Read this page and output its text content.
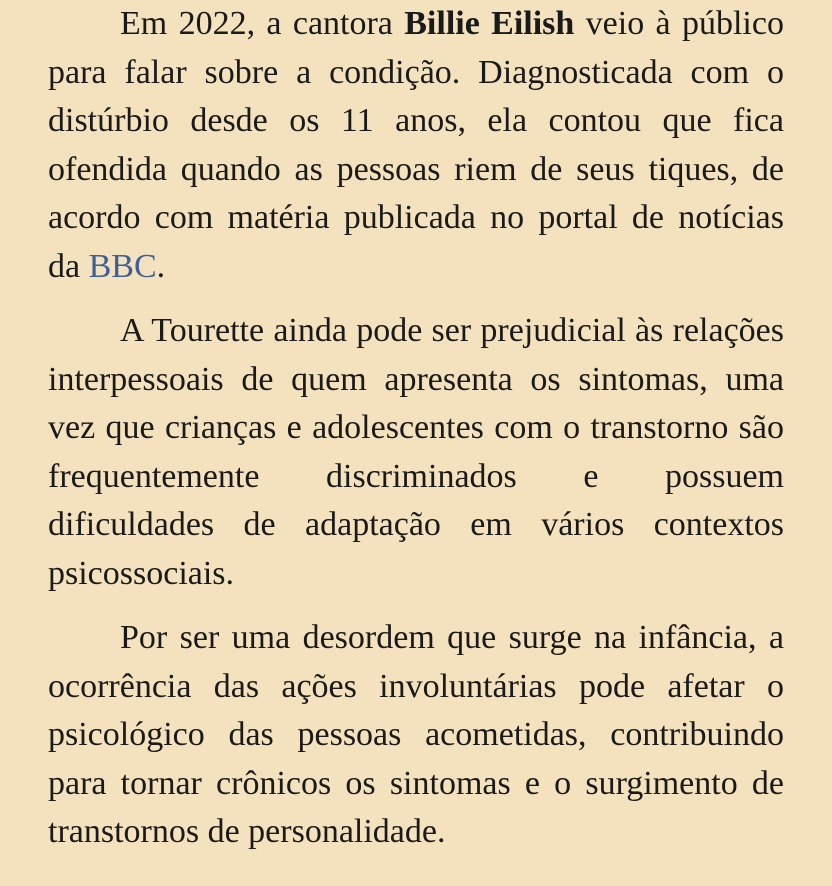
Em 2022, a cantora Billie Eilish veio à público para falar sobre a condição. Diagnosticada com o distúrbio desde os 11 anos, ela contou que fica ofendida quando as pessoas riem de seus tiques, de acordo com matéria publicada no portal de notícias da BBC.

A Tourette ainda pode ser prejudicial às relações interpessoais de quem apresenta os sintomas, uma vez que crianças e adolescentes com o transtorno são frequentemente discriminados e possuem dificuldades de adaptação em vários contextos psicossociais.

Por ser uma desordem que surge na infância, a ocorrência das ações involuntárias pode afetar o psicológico das pessoas acometidas, contribuindo para tornar crônicos os sintomas e o surgimento de transtornos de personalidade.
